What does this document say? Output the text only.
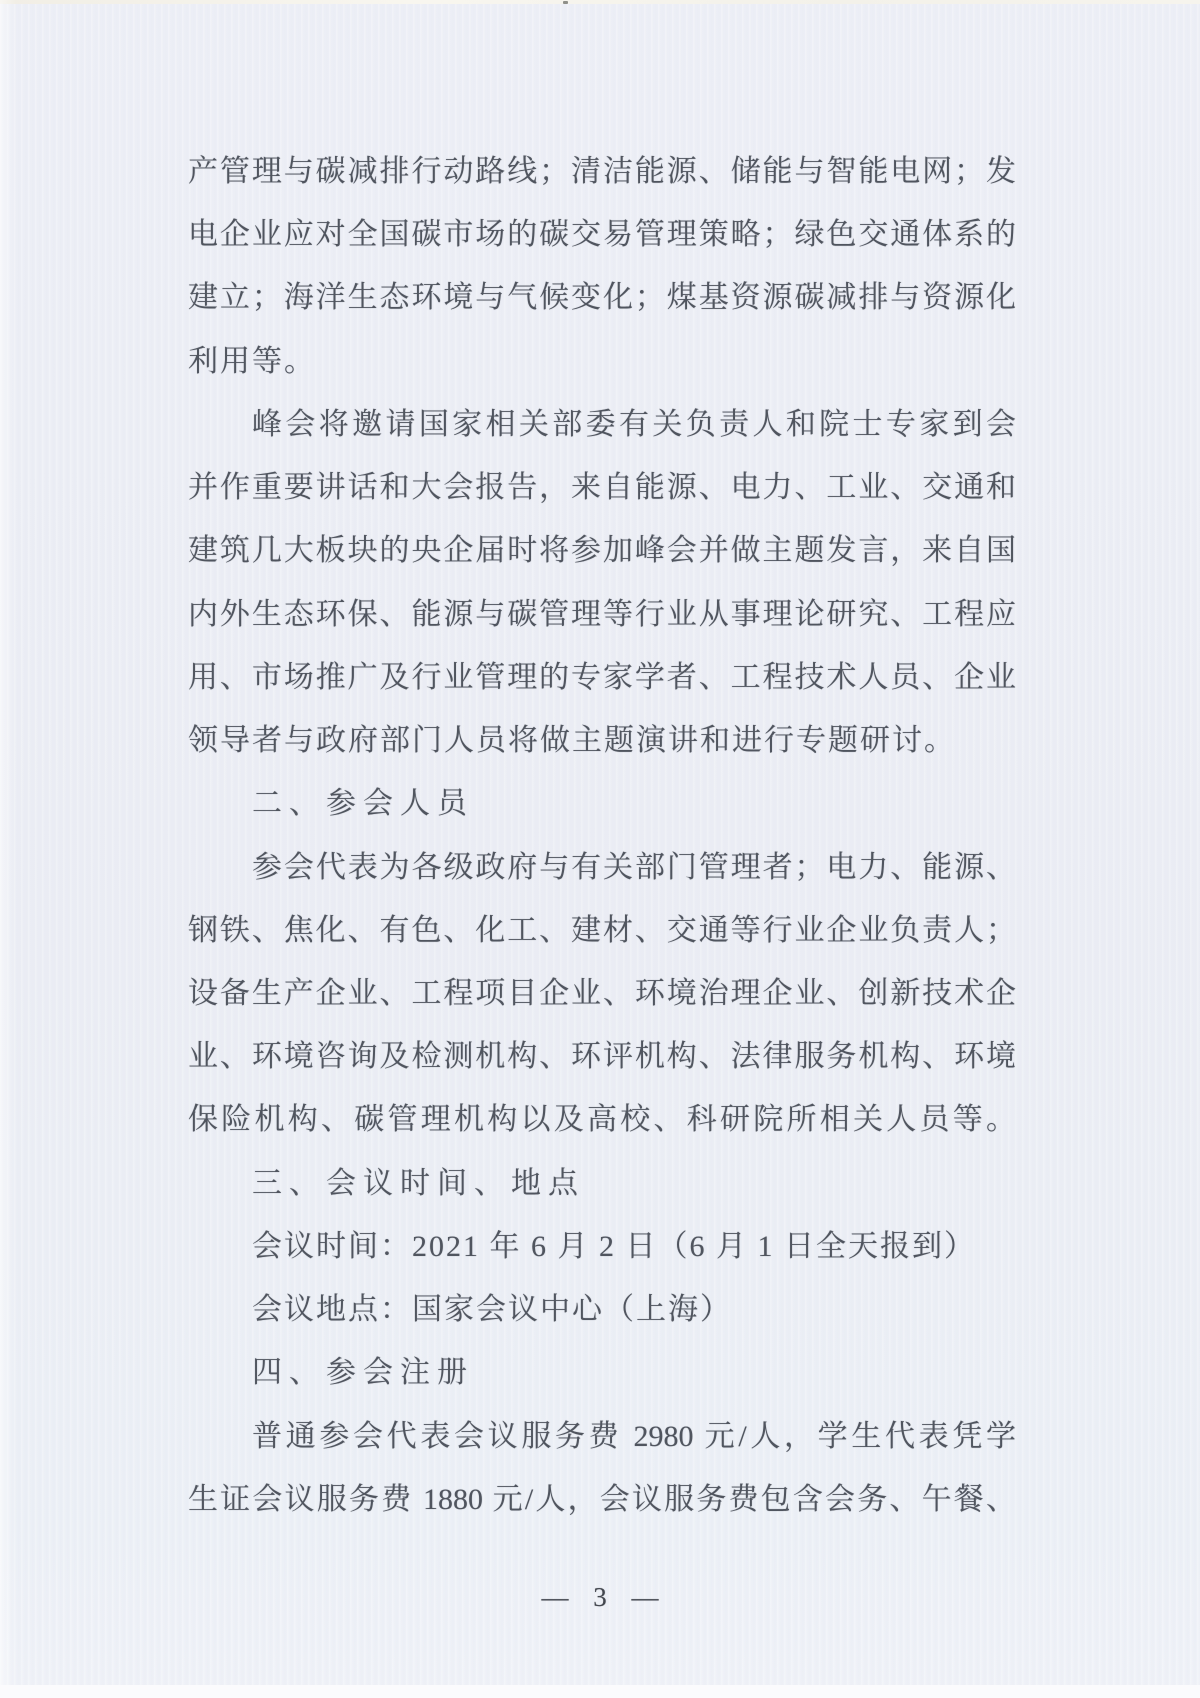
产管理与碳减排行动路线；清洁能源、储能与智能电网；发
电企业应对全国碳市场的碳交易管理策略；绿色交通体系的
建立；海洋生态环境与气候变化；煤基资源碳减排与资源化
利用等。
峰会将邀请国家相关部委有关负责人和院士专家到会
并作重要讲话和大会报告，来自能源、电力、工业、交通和
建筑几大板块的央企届时将参加峰会并做主题发言，来自国
内外生态环保、能源与碳管理等行业从事理论研究、工程应
用、市场推广及行业管理的专家学者、工程技术人员、企业
领导者与政府部门人员将做主题演讲和进行专题研讨。
二、参会人员
参会代表为各级政府与有关部门管理者；电力、能源、
钢铁、焦化、有色、化工、建材、交通等行业企业负责人；
设备生产企业、工程项目企业、环境治理企业、创新技术企
业、环境咨询及检测机构、环评机构、法律服务机构、环境
保险机构、碳管理机构以及高校、科研院所相关人员等。
三、会议时间、地点
会议时间：2021 年 6 月 2 日（6 月 1 日全天报到）
会议地点：国家会议中心（上海）
四、参会注册
普通参会代表会议服务费 2980 元/人，学生代表凭学
生证会议服务费 1880 元/人，会议服务费包含会务、午餐、
— 3 —
